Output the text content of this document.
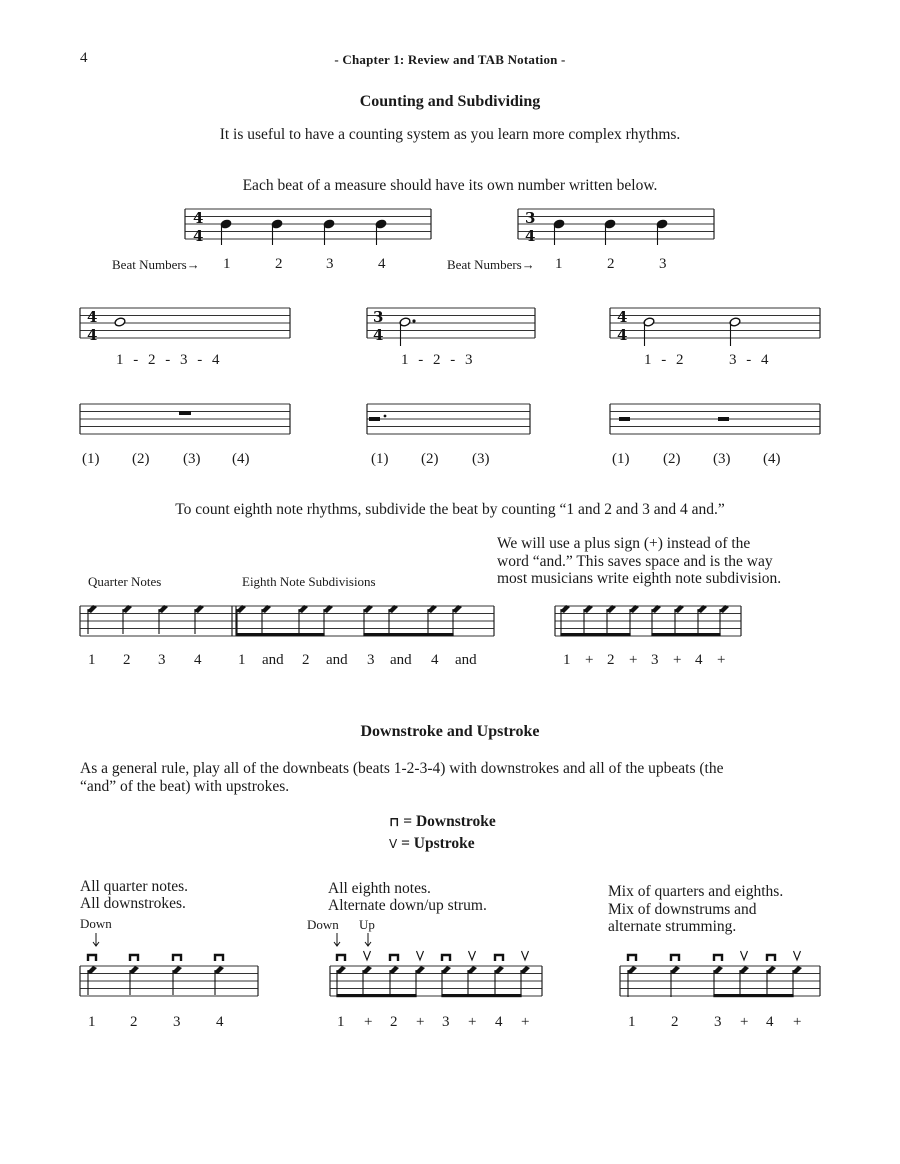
4	- Chapter 1: Review and TAB Notation -
Counting and Subdividing
It is useful to have a counting system as you learn more complex rhythms.
Each beat of a measure should have its own number written below.
Beat Numbers→	Beat Numbers→
1	2	3	4	1	2	3
1 - 2 - 3 - 4	1 - 2 - 3	1 - 2	3 - 4
(1) (2) (3) (4)	(1) (2) (3)	(1) (2) (3) (4)
To count eighth note rhythms, subdivide the beat by counting “1 and 2 and 3 and 4 and.”
We will use a plus sign (+) instead of the
word “and.” This saves space and is the way
most musicians write eighth note subdivision.
Quarter Notes	Eighth Note Subdivisions
1 2 3 4 1 and 2 and 3 and 4 and	1 + 2 + 3 + 4 +
Downstroke and Upstroke
As a general rule, play all of the downbeats (beats 1-2-3-4) with downstrokes and all of the upbeats (the
“and” of the beat) with upstrokes.
⊓ = Downstroke
V = Upstroke
All quarter notes.
All downstrokes.
All eighth notes.
Alternate down/up strum.
Mix of quarters and eighths.
Mix of downstrums and
alternate strumming.
Down	Down Up
1 2 3 4	1 + 2 + 3 + 4 +	1 2 3 + 4 +
4
4
3
4
4
4
3
4
4
4
